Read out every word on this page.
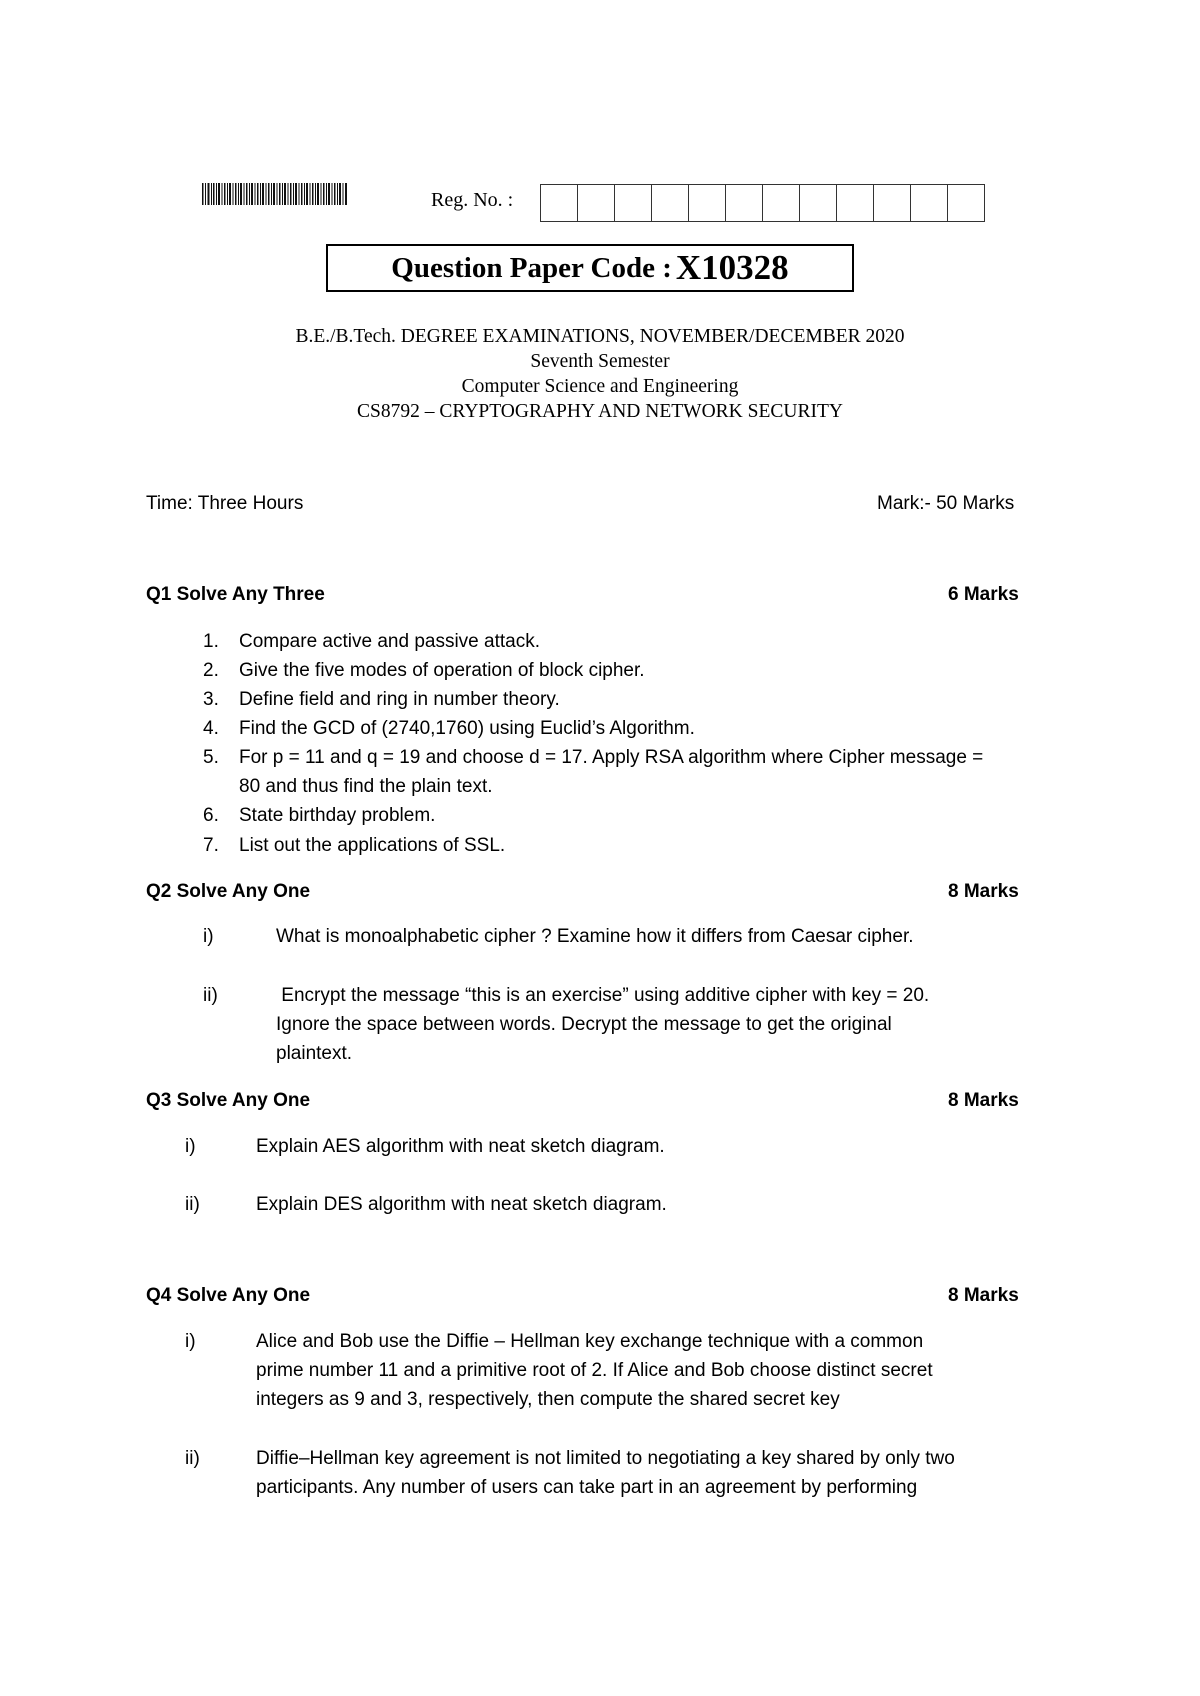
Reg. No. :
Question Paper Code : X10328
B.E./B.Tech. DEGREE EXAMINATIONS, NOVEMBER/DECEMBER 2020
Seventh Semester
Computer Science and Engineering
CS8792 – CRYPTOGRAPHY AND NETWORK SECURITY
Time: Three Hours	Mark:- 50 Marks
Q1 Solve Any Three	6 Marks
1. Compare active and passive attack.
2. Give the five modes of operation of block cipher.
3. Define field and ring in number theory.
4. Find the GCD of (2740,1760) using Euclid’s Algorithm.
5. For p = 11 and q = 19 and choose d = 17. Apply RSA algorithm where Cipher message =
80 and thus find the plain text.
6. State birthday problem.
7. List out the applications of SSL.
Q2 Solve Any One	8 Marks
i)	What is monoalphabetic cipher ? Examine how it differs from Caesar cipher.
ii)	Encrypt the message “this is an exercise” using additive cipher with key = 20.
Ignore the space between words. Decrypt the message to get the original
plaintext.
Q3 Solve Any One	8 Marks
i)	Explain AES algorithm with neat sketch diagram.
ii)	Explain DES algorithm with neat sketch diagram.
Q4 Solve Any One	8 Marks
i)	Alice and Bob use the Diffie – Hellman key exchange technique with a common
prime number 11 and a primitive root of 2. If Alice and Bob choose distinct secret
integers as 9 and 3, respectively, then compute the shared secret key
ii)	Diffie–Hellman key agreement is not limited to negotiating a key shared by only two
participants. Any number of users can take part in an agreement by performing
